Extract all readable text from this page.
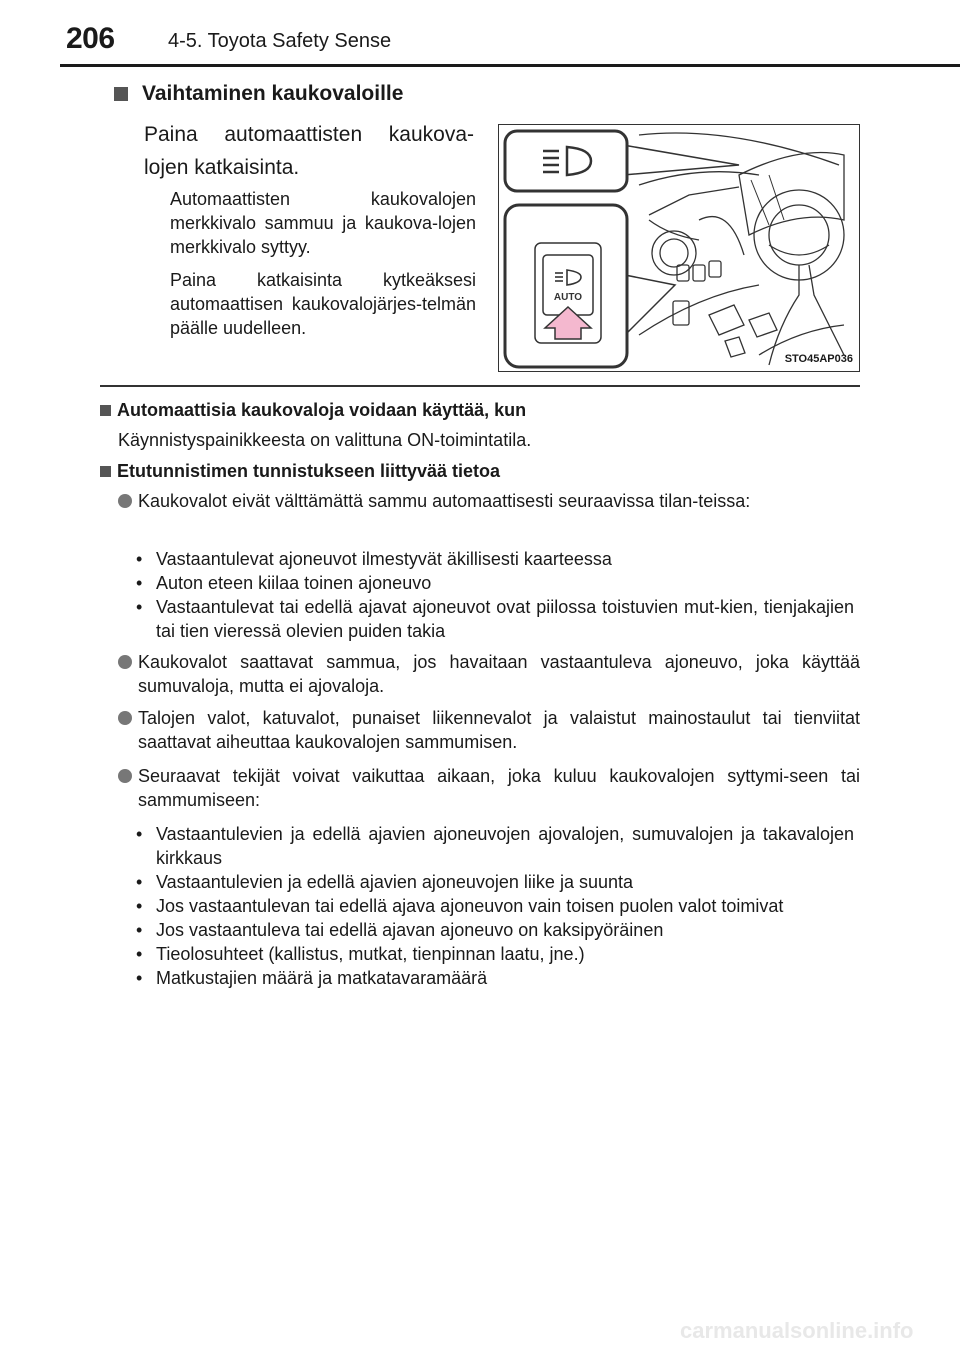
206	4-5. Toyota Safety Sense
Vaihtaminen kaukovaloille
Paina automaattisten kaukova-lojen katkaisinta.
Automaattisten kaukovalojen merkkivalo sammuu ja kaukova-lojen merkkivalo syttyy.
Paina katkaisinta kytkeäksesi automaattisen kaukovalojärjes-telmän päälle uudelleen.
AUTO
STO45AP036
Automaattisia kaukovaloja voidaan käyttää, kun
Käynnistyspainikkeesta on valittuna ON-toimintatila.
Etutunnistimen tunnistukseen liittyvää tietoa
Kaukovalot eivät välttämättä sammu automaattisesti seuraavissa tilan-teissa:
• Vastaantulevat ajoneuvot ilmestyvät äkillisesti kaarteessa
• Auton eteen kiilaa toinen ajoneuvo
• Vastaantulevat tai edellä ajavat ajoneuvot ovat piilossa toistuvien mut-kien, tienjakajien tai tien vieressä olevien puiden takia
Kaukovalot saattavat sammua, jos havaitaan vastaantuleva ajoneuvo, joka käyttää sumuvaloja, mutta ei ajovaloja.
Talojen valot, katuvalot, punaiset liikennevalot ja valaistut mainostaulut tai tienviitat saattavat aiheuttaa kaukovalojen sammumisen.
Seuraavat tekijät voivat vaikuttaa aikaan, joka kuluu kaukovalojen syttymi-seen tai sammumiseen:
• Vastaantulevien ja edellä ajavien ajoneuvojen ajovalojen, sumuvalojen ja takavalojen kirkkaus
• Vastaantulevien ja edellä ajavien ajoneuvojen liike ja suunta
• Jos vastaantulevan tai edellä ajava ajoneuvon vain toisen puolen valot toimivat
• Jos vastaantuleva tai edellä ajavan ajoneuvo on kaksipyöräinen
• Tieolosuhteet (kallistus, mutkat, tienpinnan laatu, jne.)
• Matkustajien määrä ja matkatavaramäärä
carmanualsonline.info
